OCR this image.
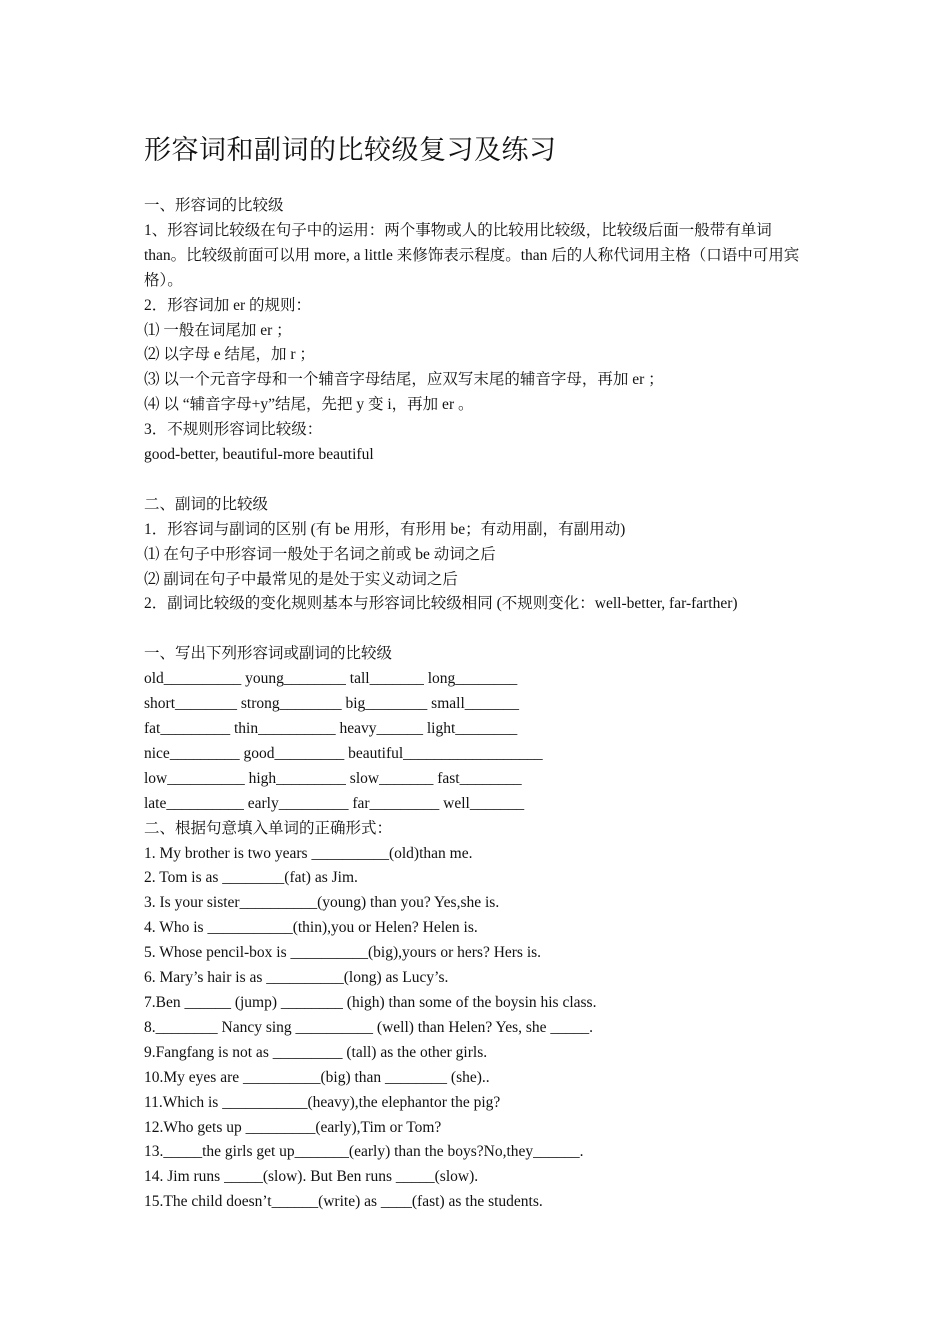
形容词和副词的比较级复习及练习
一、形容词的比较级
1、形容词比较级在句子中的运用：两个事物或人的比较用比较级，比较级后面一般带有单词 than。比较级前面可以用 more, a little 来修饰表示程度。than 后的人称代词用主格（口语中可用宾格）。
2．形容词加 er 的规则：
⑴ 一般在词尾加 er ；
⑵ 以字母 e 结尾，加 r ；
⑶ 以一个元音字母和一个辅音字母结尾，应双写末尾的辅音字母，再加 er ；
⑷ 以 “辅音字母+y”结尾，先把 y 变 i，再加 er 。
3．不规则形容词比较级：
good-better, beautiful-more beautiful
二、副词的比较级
1．形容词与副词的区别 (有 be 用形，有形用 be；有动用副，有副用动)
⑴ 在句子中形容词一般处于名词之前或 be 动词之后
⑵ 副词在句子中最常见的是处于实义动词之后
2．副词比较级的变化规则基本与形容词比较级相同 (不规则变化：well-better, far-farther)
一、写出下列形容词或副词的比较级
old__________ young________ tall_______ long________
short________ strong________ big________ small_______
fat_________ thin__________ heavy______ light________
nice_________ good_________ beautiful__________________
low__________ high_________ slow_______ fast________
late__________ early_________ far_________ well_______
二、根据句意填入单词的正确形式：
1. My brother is two years __________(old)than me.
2. Tom is as ________(fat) as Jim.
3. Is your sister__________(young) than you? Yes,she is.
4. Who is ___________(thin),you or Helen? Helen is.
5. Whose pencil-box is __________(big),yours or hers? Hers is.
6. Mary’s hair is as __________(long) as Lucy’s.
7.Ben ______ (jump) ________ (high) than some of the boysin his class.
8.________ Nancy sing __________ (well) than Helen? Yes, she _____.
9.Fangfang is not as _________ (tall) as the other girls.
10.My eyes are __________(big) than ________ (she)..
11.Which is ___________(heavy),the elephantor the pig?
12.Who gets up _________(early),Tim or Tom?
13._____the girls get up_______(early) than the boys?No,they______.
14. Jim runs _____(slow). But Ben runs _____(slow).
15.The child doesn’t______(write) as ____(fast) as the students.
